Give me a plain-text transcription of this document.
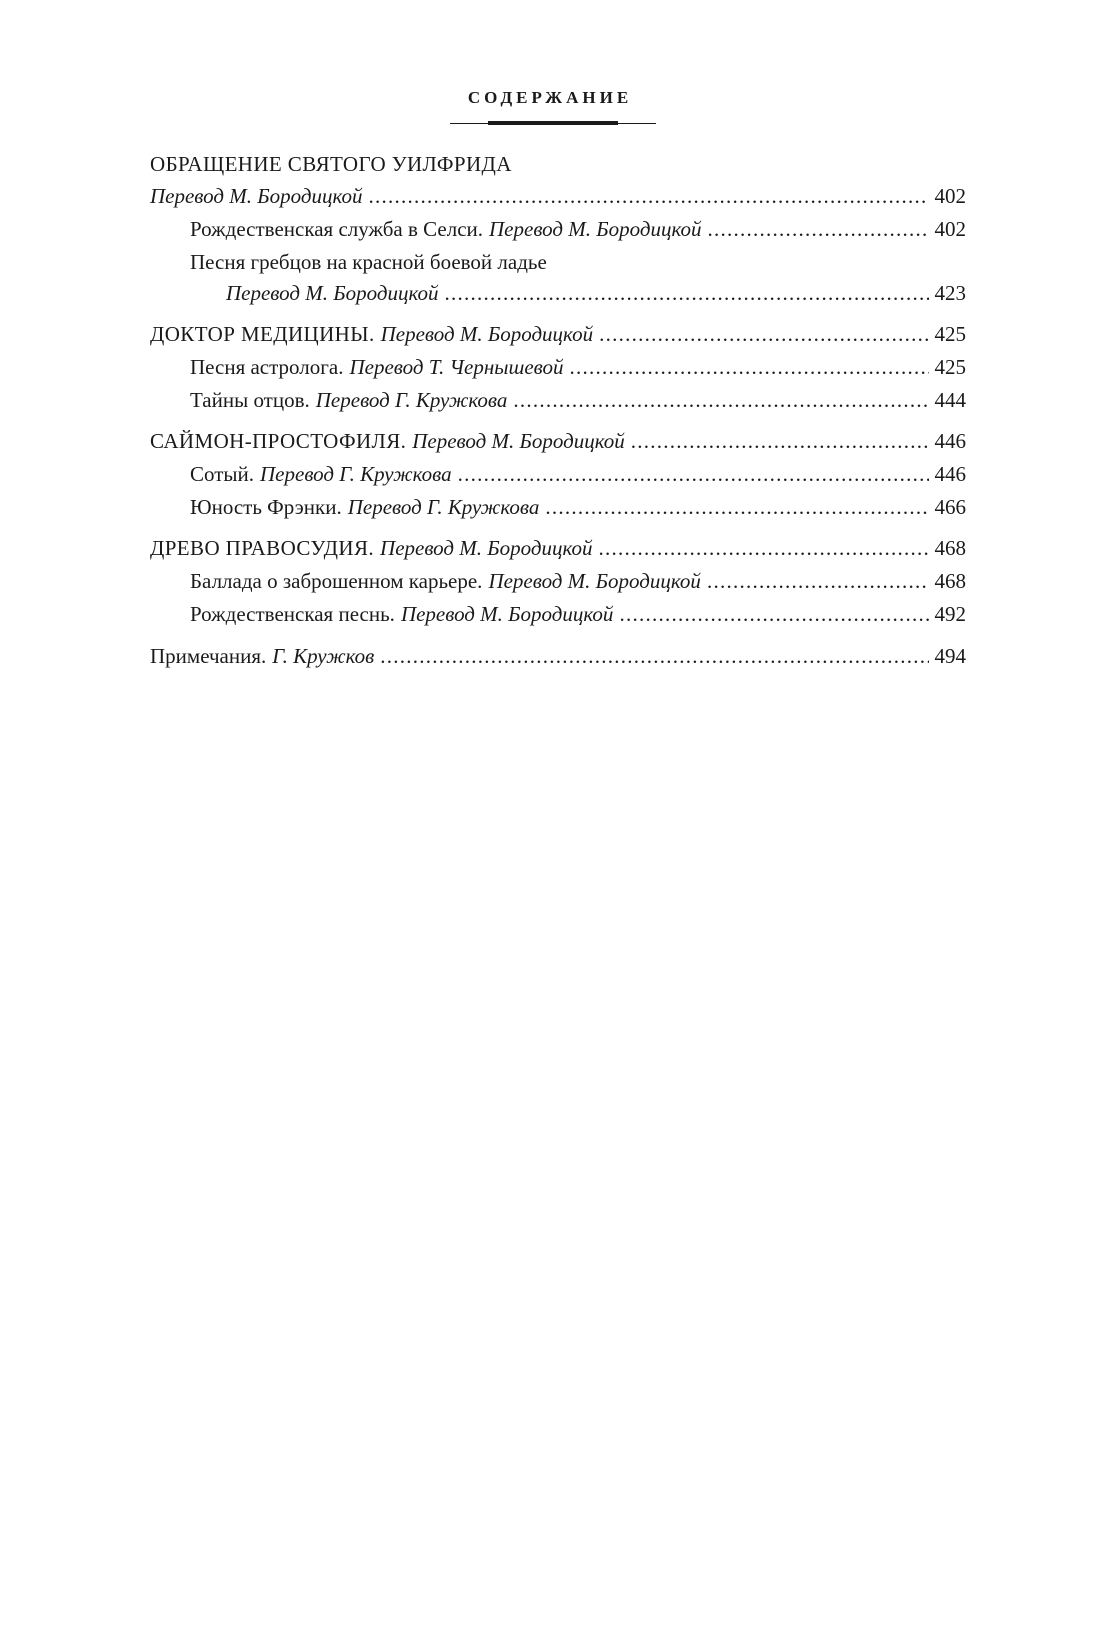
СОДЕРЖАНИЕ
ОБРАЩЕНИЕ СВЯТОГО УИЛФРИДА
Перевод М. Бородицкой . . .	402
Рождественская служба в Селси. Перевод М. Бородицкой . . .	402
Песня гребцов на красной боевой ладье
Перевод М. Бородицкой . . .	423
ДОКТОР МЕДИЦИНЫ. Перевод М. Бородицкой . . .	425
Песня астролога. Перевод Т. Чернышевой . . .	425
Тайны отцов. Перевод Г. Кружкова . . .	444
САЙМОН-ПРОСТОФИЛЯ. Перевод М. Бородицкой . . .	446
Сотый. Перевод Г. Кружкова . . .	446
Юность Фрэнки. Перевод Г. Кружкова . . .	466
ДРЕВО ПРАВОСУДИЯ. Перевод М. Бородицкой . . .	468
Баллада о заброшенном карьере. Перевод М. Бородицкой . . .	468
Рождественская песнь. Перевод М. Бородицкой . . .	492
Примечания. Г. Кружков . . .	494
